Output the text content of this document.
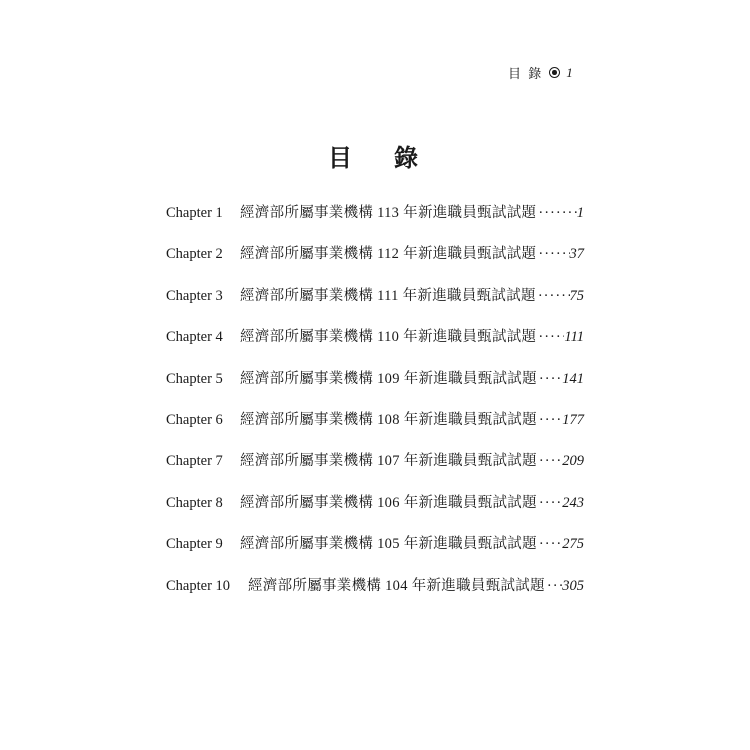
目 錄 1
目 錄
Chapter 1	經濟部所屬事業機構 113 年新進職員甄試試題 ·····	1
Chapter 2	經濟部所屬事業機構 112 年新進職員甄試試題 ····· 37
Chapter 3	經濟部所屬事業機構 111 年新進職員甄試試題 ····· 75
Chapter 4	經濟部所屬事業機構 110 年新進職員甄試試題 ····· 111
Chapter 5	經濟部所屬事業機構 109 年新進職員甄試試題 ····· 141
Chapter 6	經濟部所屬事業機構 108 年新進職員甄試試題 ····· 177
Chapter 7	經濟部所屬事業機構 107 年新進職員甄試試題 ····· 209
Chapter 8	經濟部所屬事業機構 106 年新進職員甄試試題 ····· 243
Chapter 9	經濟部所屬事業機構 105 年新進職員甄試試題 ····· 275
Chapter 10	經濟部所屬事業機構 104 年新進職員甄試試題 ····· 305
